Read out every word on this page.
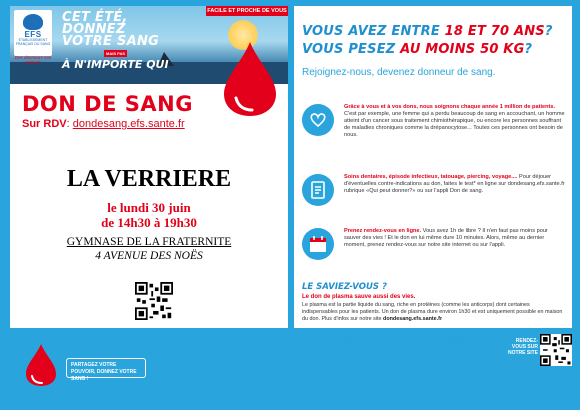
EFS
ÉTABLISSEMENT FRANÇAIS DU SANG
Des donneurs nos patients
CET ÉTÉ,
DONNEZ
VOTRE SANG
MAIS PAS
À N'IMPORTE QUI
FACILE ET PROCHE DE VOUS
DON DE SANG
Sur RDV: dondesang.efs.sante.fr
LA VERRIERE
le lundi 30 juin
de 14h30 à 19h30
GYMNASE DE LA FRATERNITE
4 AVENUE DES NOËS
VOUS AVEZ ENTRE 18 ET 70 ANS?
VOUS PESEZ AU MOINS 50 KG?
Rejoignez-nous, devenez donneur de sang.
Grâce à vous et à vos dons, nous soignons chaque année 1 million de patients. C'est par exemple, une femme qui a perdu beaucoup de sang en accouchant, un homme atteint d'un cancer sous traitement chimiothérapique, ou encore les personnes souffrant de maladies chroniques comme la drépanocytose... Toutes ces personnes ont besoin de nous.
Soins dentaires, épisode infectieux, tatouage, piercing, voyage.... Pour déjouer d'éventuelles contre-indications au don, faites le test* en ligne sur dondesang.efs.sante.fr rubrique «Qui peut donner?» ou sur l'appli Don de sang.
Prenez rendez-vous en ligne. Vous avez 1h de libre ? Il n'en faut pas moins pour sauver des vies ! Et le don en lui même dure 10 minutes. Alors, même au dernier moment, prenez rendez-vous sur notre site internet ou sur l'appli.
LE SAVIEZ-VOUS ?
Le don de plasma sauve aussi des vies.
Le plasma est la partie liquide du sang, riche en protéines (comme les anticorps) dont certaines indispensables pour les patients. Un don de plasma dure environ 1h30 et est uniquement possible en maison du don. Plus d'infos sur notre site dondesang.efs.sante.fr
PARTAGEZ VOTRE POUVOIR, DONNEZ VOTRE SANG !
*Attention ce test est à titre indicatif. Il ne remplace pas l'entretien préalable au don	RENDEZ-VOUS SUR NOTRE SITE
